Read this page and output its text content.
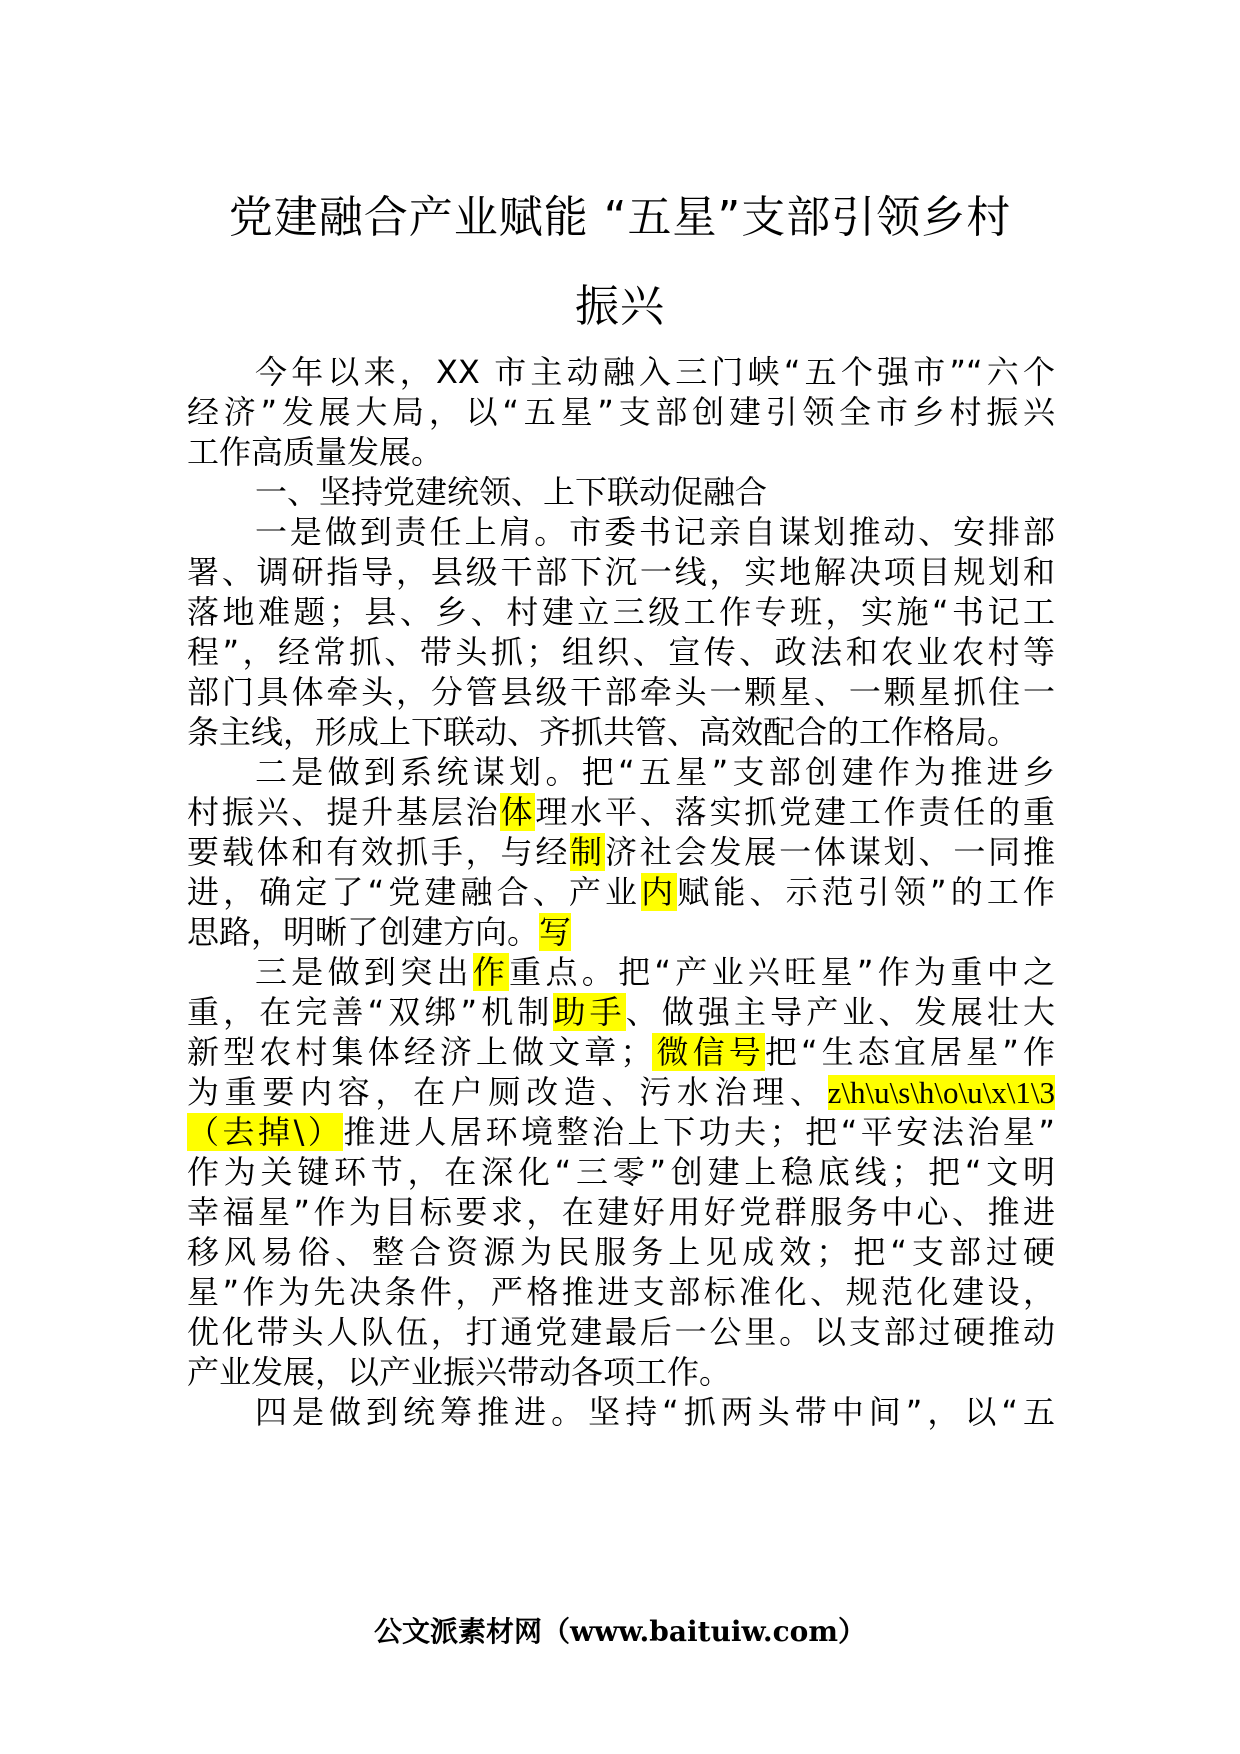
党建融合产业赋能 “五星”支部引领乡村
振兴
今年以来，XX 市主动融入三门峡“五个强市”“六个
经济”发展大局，以“五星”支部创建引领全市乡村振兴
工作高质量发展。
一、坚持党建统领、上下联动促融合
一是做到责任上肩。市委书记亲自谋划推动、安排部
署、调研指导，县级干部下沉一线，实地解决项目规划和
落地难题；县、乡、村建立三级工作专班，实施“书记工
程”，经常抓、带头抓；组织、宣传、政法和农业农村等
部门具体牵头，分管县级干部牵头一颗星、一颗星抓住一
条主线，形成上下联动、齐抓共管、高效配合的工作格局。
二是做到系统谋划。把“五星”支部创建作为推进乡
村振兴、提升基层治体理水平、落实抓党建工作责任的重
要载体和有效抓手，与经制济社会发展一体谋划、一同推
进，确定了“党建融合、产业内赋能、示范引领”的工作
思路，明晰了创建方向。写
三是做到突出作重点。把“产业兴旺星”作为重中之
重，在完善“双绑”机制助手、做强主导产业、发展壮大
新型农村集体经济上做文章；微信号把“生态宜居星”作
为重要内容，在户厕改造、污水治理、z\h\u\s\h\o\u\x\1\3
（去掉\）推进人居环境整治上下功夫；把“平安法治星”
作为关键环节，在深化“三零”创建上稳底线；把“文明
幸福星”作为目标要求，在建好用好党群服务中心、推进
移风易俗、整合资源为民服务上见成效；把“支部过硬
星”作为先决条件，严格推进支部标准化、规范化建设，
优化带头人队伍，打通党建最后一公里。以支部过硬推动
产业发展，以产业振兴带动各项工作。
四是做到统筹推进。坚持“抓两头带中间”，以“五
公文派素材网（www.baituiw.com）
